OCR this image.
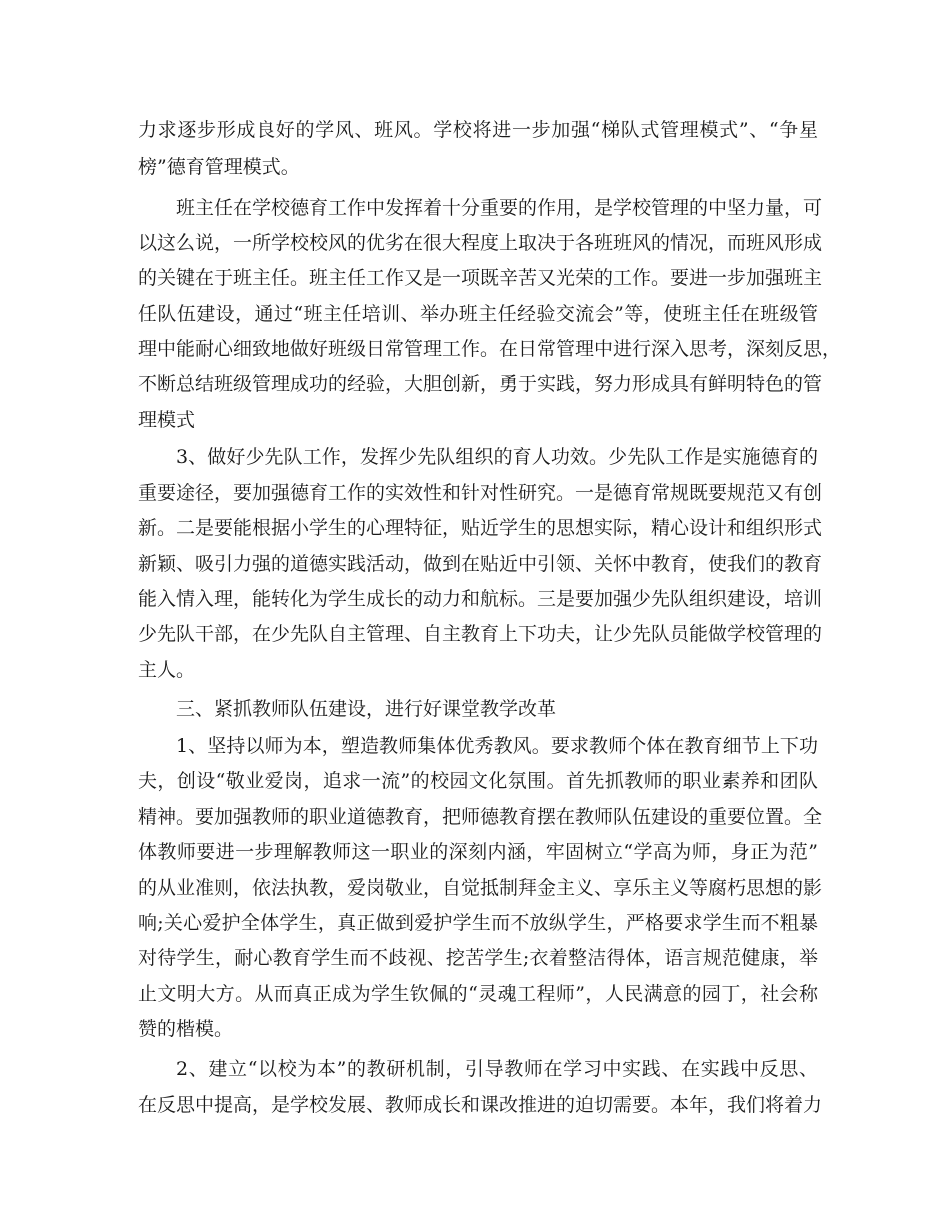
力求逐步形成良好的学风、班风。学校将进一步加强“梯队式管理模式”、“争星
榜”德育管理模式。
班主任在学校德育工作中发挥着十分重要的作用，是学校管理的中坚力量，可
以这么说，一所学校校风的优劣在很大程度上取决于各班班风的情况，而班风形成
的关键在于班主任。班主任工作又是一项既辛苦又光荣的工作。要进一步加强班主
任队伍建设，通过“班主任培训、举办班主任经验交流会”等，使班主任在班级管
理中能耐心细致地做好班级日常管理工作。在日常管理中进行深入思考，深刻反思，
不断总结班级管理成功的经验，大胆创新，勇于实践，努力形成具有鲜明特色的管
理模式
3、做好少先队工作，发挥少先队组织的育人功效。少先队工作是实施德育的
重要途径，要加强德育工作的实效性和针对性研究。一是德育常规既要规范又有创
新。二是要能根据小学生的心理特征，贴近学生的思想实际，精心设计和组织形式
新颖、吸引力强的道德实践活动，做到在贴近中引领、关怀中教育，使我们的教育
能入情入理，能转化为学生成长的动力和航标。三是要加强少先队组织建设，培训
少先队干部，在少先队自主管理、自主教育上下功夫，让少先队员能做学校管理的
主人。
三、紧抓教师队伍建设，进行好课堂教学改革
1、坚持以师为本，塑造教师集体优秀教风。要求教师个体在教育细节上下功
夫，创设“敬业爱岗，追求一流”的校园文化氛围。首先抓教师的职业素养和团队
精神。要加强教师的职业道德教育，把师德教育摆在教师队伍建设的重要位置。全
体教师要进一步理解教师这一职业的深刻内涵，牢固树立“学高为师，身正为范”
的从业准则，依法执教，爱岗敬业，自觉抵制拜金主义、享乐主义等腐朽思想的影
响;关心爱护全体学生，真正做到爱护学生而不放纵学生，严格要求学生而不粗暴
对待学生，耐心教育学生而不歧视、挖苦学生;衣着整洁得体，语言规范健康，举
止文明大方。从而真正成为学生钦佩的“灵魂工程师”，人民满意的园丁，社会称
赞的楷模。
2、建立“以校为本”的教研机制，引导教师在学习中实践、在实践中反思、
在反思中提高，是学校发展、教师成长和课改推进的迫切需要。本年，我们将着力
